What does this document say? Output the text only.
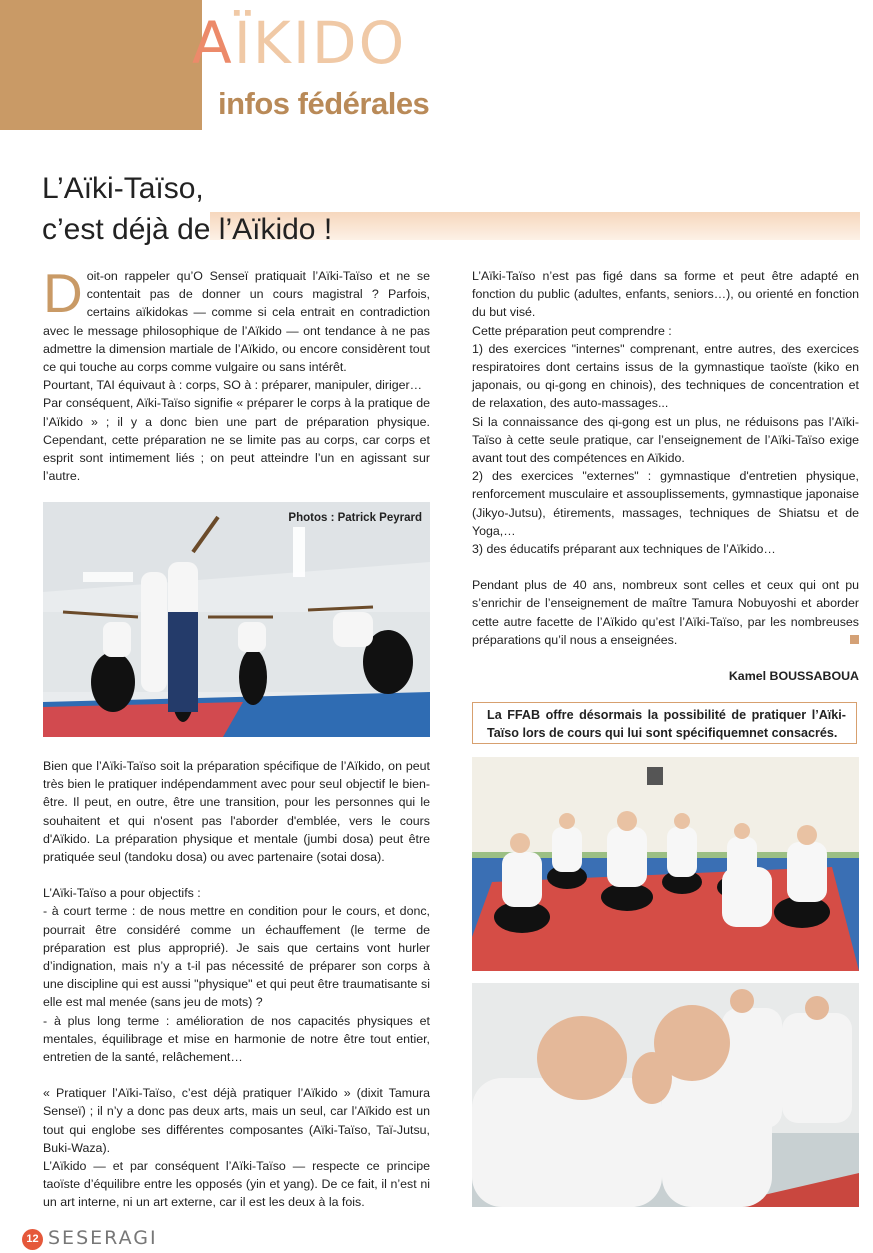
AÏKIDO
infos fédérales
L’Aïki-Taïso,
c’est déjà de l’Aïkido !

Doit-on rappeler qu’O Senseï pratiquait l’Aïki-Taïso et ne se contentait pas de donner un cours magistral ? Parfois, certains aïkidokas — comme si cela entrait en contradiction avec le message philosophique de l’Aïkido — ont tendance à ne pas admettre la dimension martiale de l’Aïkido, ou encore considèrent tout ce qui touche au corps comme vulgaire ou sans intérêt.

Pourtant, TAI équivaut à : corps, SO à : préparer, manipuler, diriger…

Par conséquent, Aïki-Taïso signifie « préparer le corps à la pratique de l’Aïkido » ; il y a donc bien une part de préparation physique. Cependant, cette préparation ne se limite pas au corps, car corps et esprit sont intimement liés ; on peut atteindre l’un en agissant sur l’autre.

Photos : Patrick Peyrard

Bien que l’Aïki-Taïso soit la préparation spécifique de l’Aïkido, on peut très bien le pratiquer indépendamment avec pour seul objectif le bien-être. Il peut, en outre, être une transition, pour les personnes qui le souhaitent et qui n'osent pas l'aborder d'emblée, vers le cours d'Aïkido. La préparation physique et mentale (jumbi dosa) peut être pratiquée seul (tandoku dosa) ou avec partenaire (sotai dosa).

L’Aïki-Taïso a pour objectifs :

- à court terme : de nous mettre en condition pour le cours, et donc, pourrait être considéré comme un échauffement (le terme de préparation est plus approprié). Je sais que certains vont hurler d’indignation, mais n’y a t-il pas nécessité de préparer son corps à une discipline qui est aussi "physique" et qui peut être traumatisante si elle est mal menée (sans jeu de mots) ?

- à plus long terme : amélioration de nos capacités physiques et mentales, équilibrage et mise en harmonie de notre être tout entier, entretien de la santé, relâchement…

« Pratiquer l’Aïki-Taïso, c’est déjà pratiquer l’Aïkido » (dixit Tamura Senseï) ; il n’y a donc pas deux arts, mais un seul, car l’Aïkido est un tout qui englobe ses différentes composantes (Aïki-Taïso, Taï-Jutsu, Buki-Waza).

L’Aïkido — et par conséquent l’Aïki-Taïso — respecte ce principe taoïste d’équilibre entre les opposés (yin et yang). De ce fait, il n’est ni un art interne, ni un art externe, car il est les deux à la fois.

L’Aïki-Taïso n’est pas figé dans sa forme et peut être adapté en fonction du public (adultes, enfants, seniors…), ou orienté en fonction du but visé.

Cette préparation peut comprendre :

1) des exercices "internes" comprenant, entre autres, des exercices respiratoires dont certains issus de la gymnastique taoïste (kiko en japonais, ou qi-gong en chinois), des techniques de concentration et de relaxation, des auto-massages...

Si la connaissance des qi-gong est un plus, ne réduisons pas l’Aïki-Taïso à cette seule pratique, car l’enseignement de l’Aïki-Taïso exige avant tout des compétences en Aïkido.

2) des exercices "externes" : gymnastique d'entretien physique, renforcement musculaire et assouplissements, gymnastique japonaise (Jikyo-Jutsu), étirements, massages, techniques de Shiatsu et de Yoga,…

3) des éducatifs préparant aux techniques de l’Aïkido…

Pendant plus de 40 ans, nombreux sont celles et ceux qui ont pu s’enrichir de l’enseignement de maître Tamura Nobuyoshi et aborder cette autre facette de l’Aïkido qu’est l’Aïki-Taïso, par les nombreuses préparations qu’il nous a enseignées.

Kamel BOUSSABOUA
La FFAB offre désormais la possibilité de pratiquer l’Aïki-Taïso lors de cours qui lui sont spécifiquemnet consacrés.
12 SESERAGI
